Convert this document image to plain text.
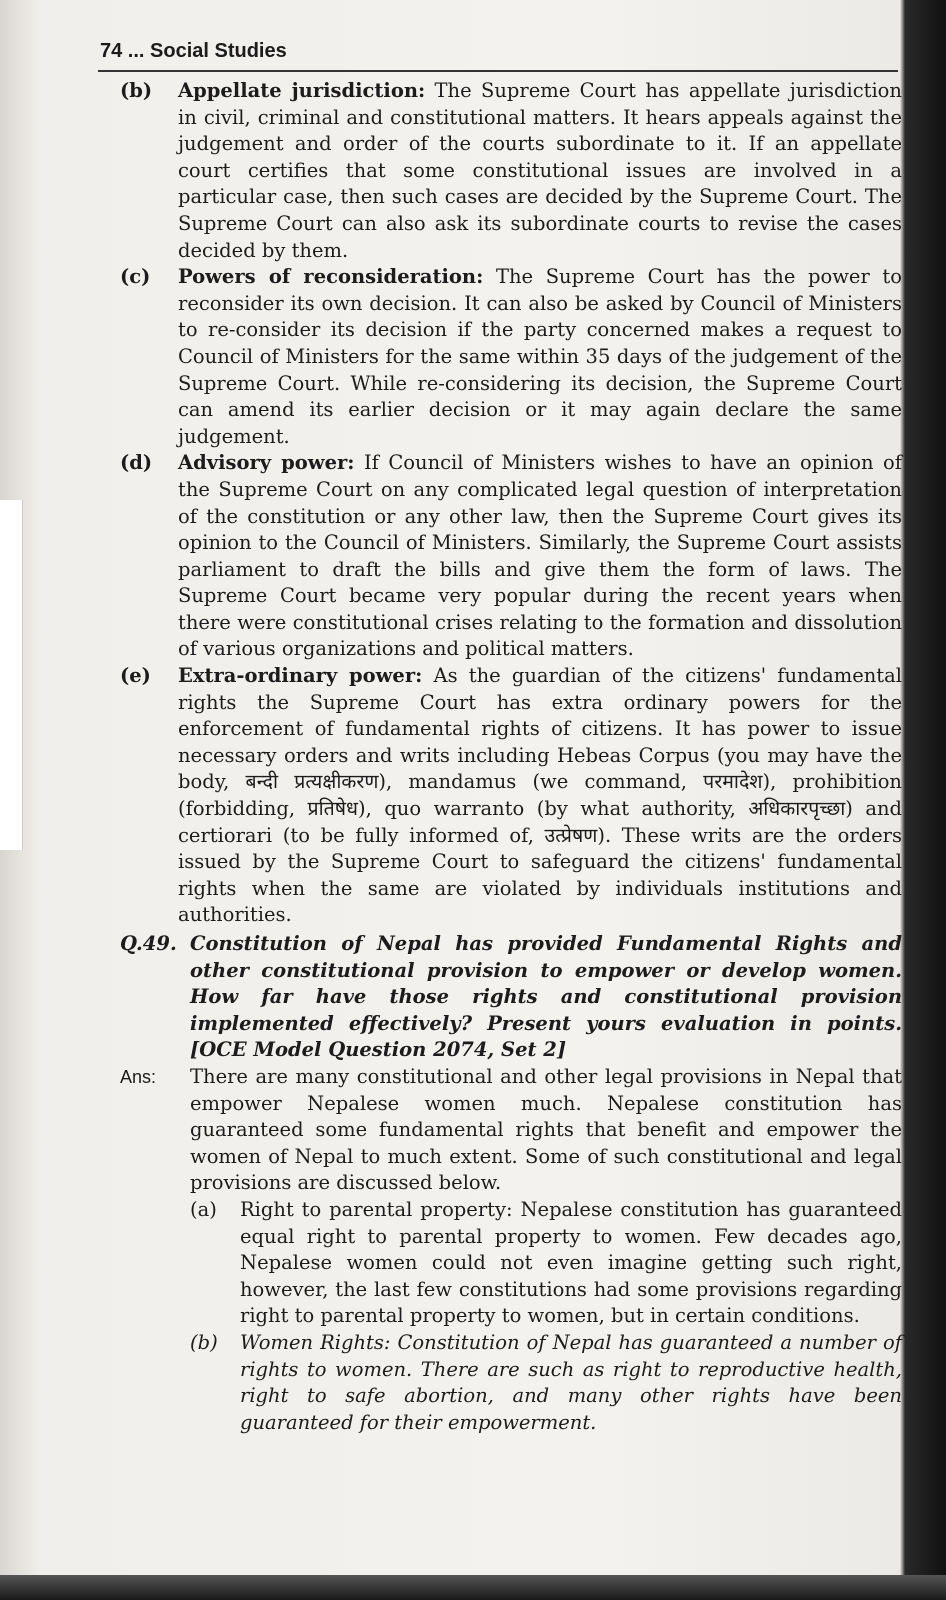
74 ... Social Studies
(b)	Appellate jurisdiction: The Supreme Court has appellate jurisdiction in civil, criminal and constitutional matters. It hears appeals against the judgement and order of the courts subordinate to it. If an appellate court certifies that some constitutional issues are involved in a particular case, then such cases are decided by the Supreme Court. The Supreme Court can also ask its subordinate courts to revise the cases decided by them.
(c)	Powers of reconsideration: The Supreme Court has the power to reconsider its own decision. It can also be asked by Council of Ministers to re-consider its decision if the party concerned makes a request to Council of Ministers for the same within 35 days of the judgement of the Supreme Court. While re-considering its decision, the Supreme Court can amend its earlier decision or it may again declare the same judgement.
(d)	Advisory power: If Council of Ministers wishes to have an opinion of the Supreme Court on any complicated legal question of interpretation of the constitution or any other law, then the Supreme Court gives its opinion to the Council of Ministers. Similarly, the Supreme Court assists parliament to draft the bills and give them the form of laws. The Supreme Court became very popular during the recent years when there were constitutional crises relating to the formation and dissolution of various organizations and political matters.
(e)	Extra-ordinary power: As the guardian of the citizens' fundamental rights the Supreme Court has extra ordinary powers for the enforcement of fundamental rights of citizens. It has power to issue necessary orders and writs including Hebeas Corpus (you may have the body, बन्दी प्रत्यक्षीकरण), mandamus (we command, परमादेश), prohibition (forbidding, प्रतिषेध), quo warranto (by what authority, अधिकारपृच्छा) and certiorari (to be fully informed of, उत्प्रेषण). These writs are the orders issued by the Supreme Court to safeguard the citizens' fundamental rights when the same are violated by individuals institutions and authorities.
Q.49. Constitution of Nepal has provided Fundamental Rights and other constitutional provision to empower or develop women. How far have those rights and constitutional provision implemented effectively? Present yours evaluation in points. [OCE Model Question 2074, Set 2]
Ans:	There are many constitutional and other legal provisions in Nepal that empower Nepalese women much. Nepalese constitution has guaranteed some fundamental rights that benefit and empower the women of Nepal to much extent. Some of such constitutional and legal provisions are discussed below.
(a)	Right to parental property: Nepalese constitution has guaranteed equal right to parental property to women. Few decades ago, Nepalese women could not even imagine getting such right, however, the last few constitutions had some provisions regarding right to parental property to women, but in certain conditions.
(b)	Women Rights: Constitution of Nepal has guaranteed a number of rights to women. There are such as right to reproductive health, right to safe abortion, and many other rights have been guaranteed for their empowerment.
